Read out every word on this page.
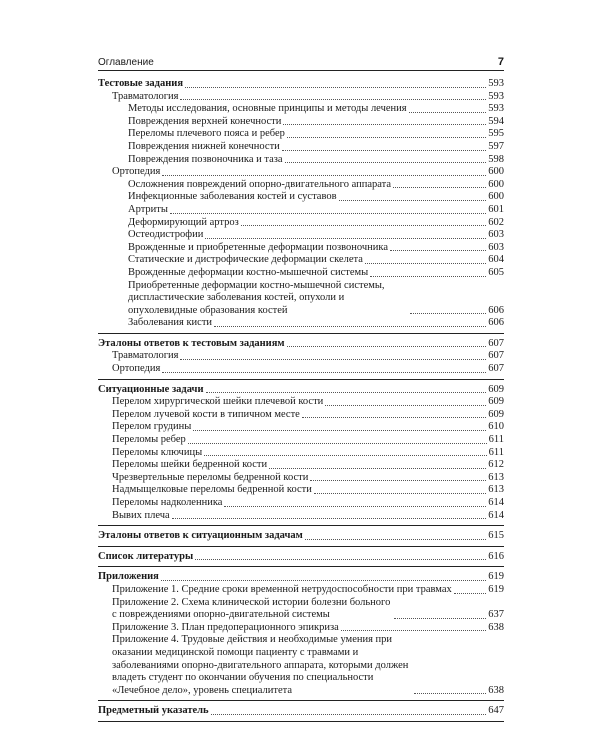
Оглавление	7
Тестовые задания	593
Травматология	593
Методы исследования, основные принципы и методы лечения	593
Повреждения верхней конечности	594
Переломы плечевого пояса и ребер	595
Повреждения нижней конечности	597
Повреждения позвоночника и таза	598
Ортопедия	600
Осложнения повреждений опорно-двигательного аппарата	600
Инфекционные заболевания костей и суставов	600
Артриты	601
Деформирующий артроз	602
Остеодистрофии	603
Врожденные и приобретенные деформации позвоночника	603
Статические и дистрофические деформации скелета	604
Врожденные деформации костно-мышечной системы	605
Приобретенные деформации костно-мышечной системы, диспластические заболевания костей, опухоли и опухолевидные образования костей	606
Заболевания кисти	606
Эталоны ответов к тестовым заданиям	607
Травматология	607
Ортопедия	607
Ситуационные задачи	609
Перелом хирургической шейки плечевой кости	609
Перелом лучевой кости в типичном месте	609
Перелом грудины	610
Переломы ребер	611
Переломы ключицы	611
Переломы шейки бедренной кости	612
Чрезвертельные переломы бедренной кости	613
Надмыщелковые переломы бедренной кости	613
Переломы надколенника	614
Вывих плеча	614
Эталоны ответов к ситуационным задачам	615
Список литературы	616
Приложения	619
Приложение 1. Средние сроки временной нетрудоспособности при травмах	619
Приложение 2. Схема клинической истории болезни больного с повреждениями опорно-двигательной системы	637
Приложение 3. План предоперационного эпикриза	638
Приложение 4. Трудовые действия и необходимые умения при оказании медицинской помощи пациенту с травмами и заболеваниями опорно-двигательного аппарата, которыми должен владеть студент по окончании обучения по специальности «Лечебное дело», уровень специалитета	638
Предметный указатель	647
